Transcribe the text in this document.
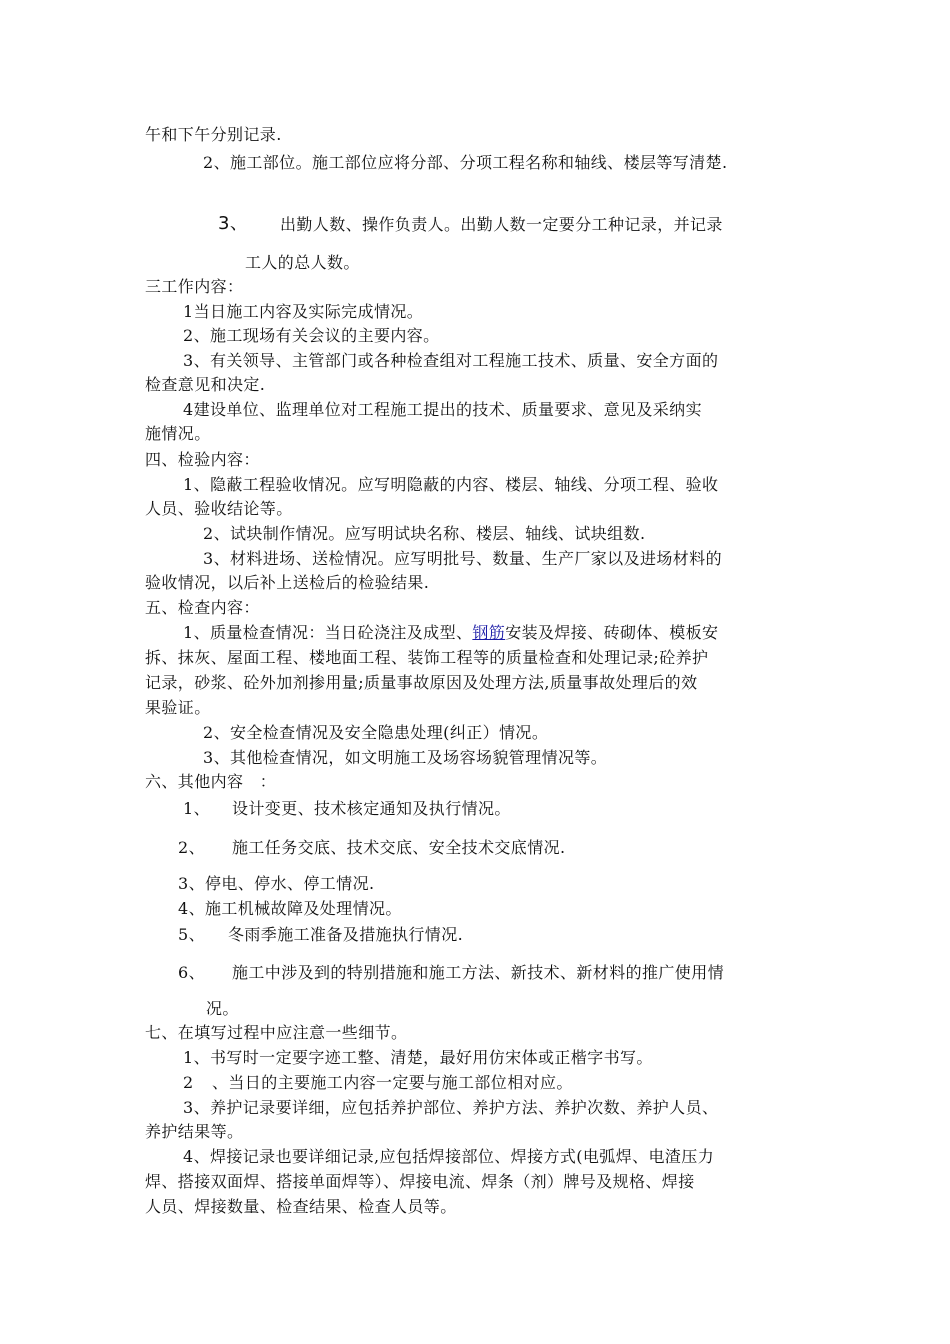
午和下午分别记录.
2、施工部位。施工部位应将分部、分项工程名称和轴线、楼层等写清楚.
3、 出勤人数、操作负责人。出勤人数一定要分工种记录，并记录
工人的总人数。
三工作内容：
1当日施工内容及实际完成情况。
2、施工现场有关会议的主要内容。
3、有关领导、主管部门或各种检查组对工程施工技术、质量、安全方面的
检查意见和决定.
4建设单位、监理单位对工程施工提出的技术、质量要求、意见及采纳实
施情况。
四、检验内容：
1、隐蔽工程验收情况。应写明隐蔽的内容、楼层、轴线、分项工程、验收
人员、验收结论等。
2、试块制作情况。应写明试块名称、楼层、轴线、试块组数.
3、材料进场、送检情况。应写明批号、数量、生产厂家以及进场材料的
验收情况，以后补上送检后的检验结果.
五、检查内容：
1、质量检查情况：当日砼浇注及成型、钢筋安装及焊接、砖砌体、模板安
拆、抹灰、屋面工程、楼地面工程、装饰工程等的质量检查和处理记录;砼养护
记录，砂浆、砼外加剂掺用量;质量事故原因及处理方法,质量事故处理后的效
果验证。
2、安全检查情况及安全隐患处理(纠正）情况。
3、其他检查情况，如文明施工及场容场貌管理情况等。
六、其他内容　：
1、 设计变更、技术核定通知及执行情况。
2、 施工任务交底、技术交底、安全技术交底情况.
3、停电、停水、停工情况.
4、施工机械故障及处理情况。
5、 冬雨季施工准备及措施执行情况.
6、 施工中涉及到的特别措施和施工方法、新技术、新材料的推广使用情
况。
七、在填写过程中应注意一些细节。
1、书写时一定要字迹工整、清楚，最好用仿宋体或正楷字书写。
2 、当日的主要施工内容一定要与施工部位相对应。
3、养护记录要详细，应包括养护部位、养护方法、养护次数、养护人员、
养护结果等。
4、焊接记录也要详细记录,应包括焊接部位、焊接方式(电弧焊、电渣压力
焊、搭接双面焊、搭接单面焊等）、焊接电流、焊条（剂）牌号及规格、焊接
人员、焊接数量、检查结果、检查人员等。
